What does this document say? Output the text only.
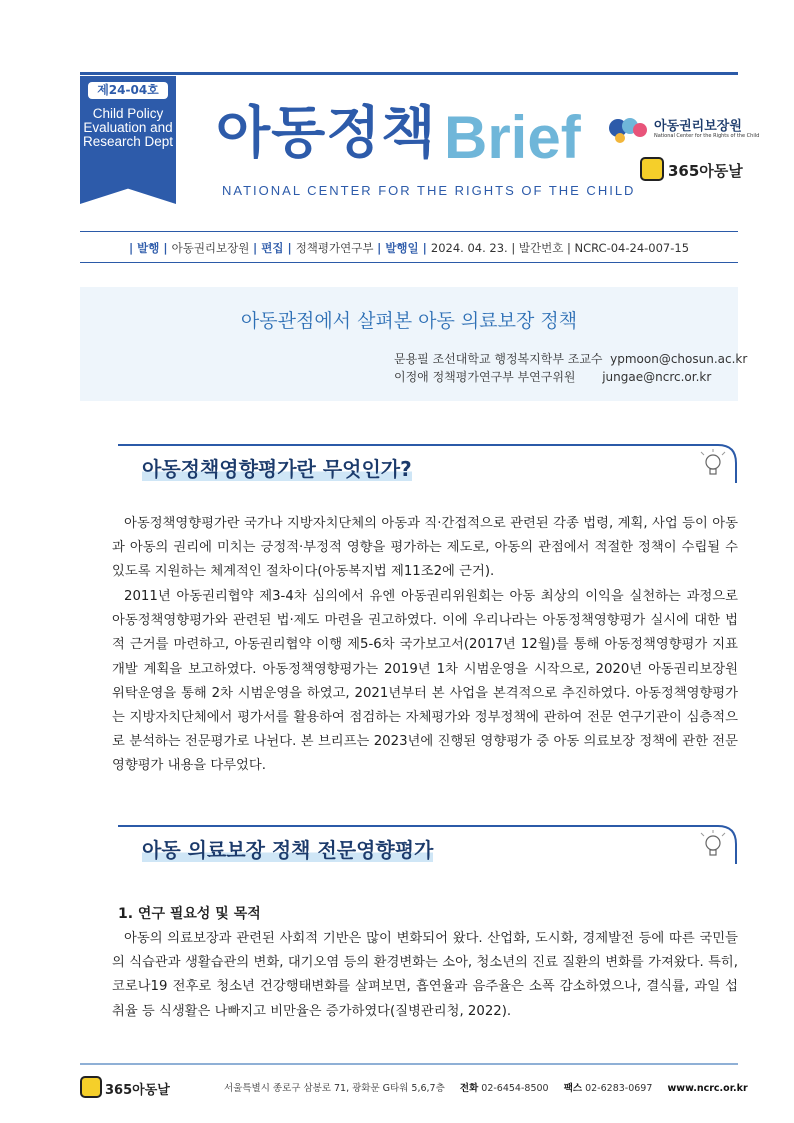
제24-04호
Child Policy Evaluation and Research Dept 아동정책 Brief
NATIONAL CENTER FOR THE RIGHTS OF THE CHILD
아동권리보장원
National Center for the Rights of the Child
365아동날
| 발행 | 아동권리보장원 | 편집 | 정책평가연구부 | 발행일 | 2024. 04. 23. | 발간번호 | NCRC-04-24-007-15
아동관점에서 살펴본 아동 의료보장 정책
문용필 조선대학교 행정복지학부 조교수  ypmoon@chosun.ac.kr
이정애 정책평가연구부 부연구위원       jungae@ncrc.or.kr
아동정책영향평가란 무엇인가?
아동정책영향평가란 국가나 지방자치단체의 아동과 직·간접적으로 관련된 각종 법령, 계획, 사업 등이 아동과 아동의 권리에 미치는 긍정적·부정적 영향을 평가하는 제도로, 아동의 관점에서 적절한 정책이 수립될 수 있도록 지원하는 체계적인 절차이다(아동복지법 제11조2에 근거).
2011년 아동권리협약 제3-4차 심의에서 유엔 아동권리위원회는 아동 최상의 이익을 실천하는 과정으로 아동정책영향평가와 관련된 법·제도 마련을 권고하였다. 이에 우리나라는 아동정책영향평가 실시에 대한 법적 근거를 마련하고, 아동권리협약 이행 제5-6차 국가보고서(2017년 12월)를 통해 아동정책영향평가 지표개발 계획을 보고하였다. 아동정책영향평가는 2019년 1차 시범운영을 시작으로, 2020년 아동권리보장원 위탁운영을 통해 2차 시범운영을 하였고, 2021년부터 본 사업을 본격적으로 추진하였다. 아동정책영향평가는 지방자치단체에서 평가서를 활용하여 점검하는 자체평가와 정부정책에 관하여 전문 연구기관이 심층적으로 분석하는 전문평가로 나뉜다. 본 브리프는 2023년에 진행된 영향평가 중 아동 의료보장 정책에 관한 전문영향평가 내용을 다루었다.
아동 의료보장 정책 전문영향평가
1. 연구 필요성 및 목적
아동의 의료보장과 관련된 사회적 기반은 많이 변화되어 왔다. 산업화, 도시화, 경제발전 등에 따른 국민들의 식습관과 생활습관의 변화, 대기오염 등의 환경변화는 소아, 청소년의 진료 질환의 변화를 가져왔다. 특히, 코로나19 전후로 청소년 건강행태변화를 살펴보면, 흡연율과 음주율은 소폭 감소하였으나, 결식률, 과일 섭취율 등 식생활은 나빠지고 비만율은 증가하였다(질병관리청, 2022).
365아동날	서울특별시 종로구 삼봉로 71, 광화문 G타워 5,6,7층 전화 02-6454-8500 팩스 02-6283-0697 www.ncrc.or.kr
